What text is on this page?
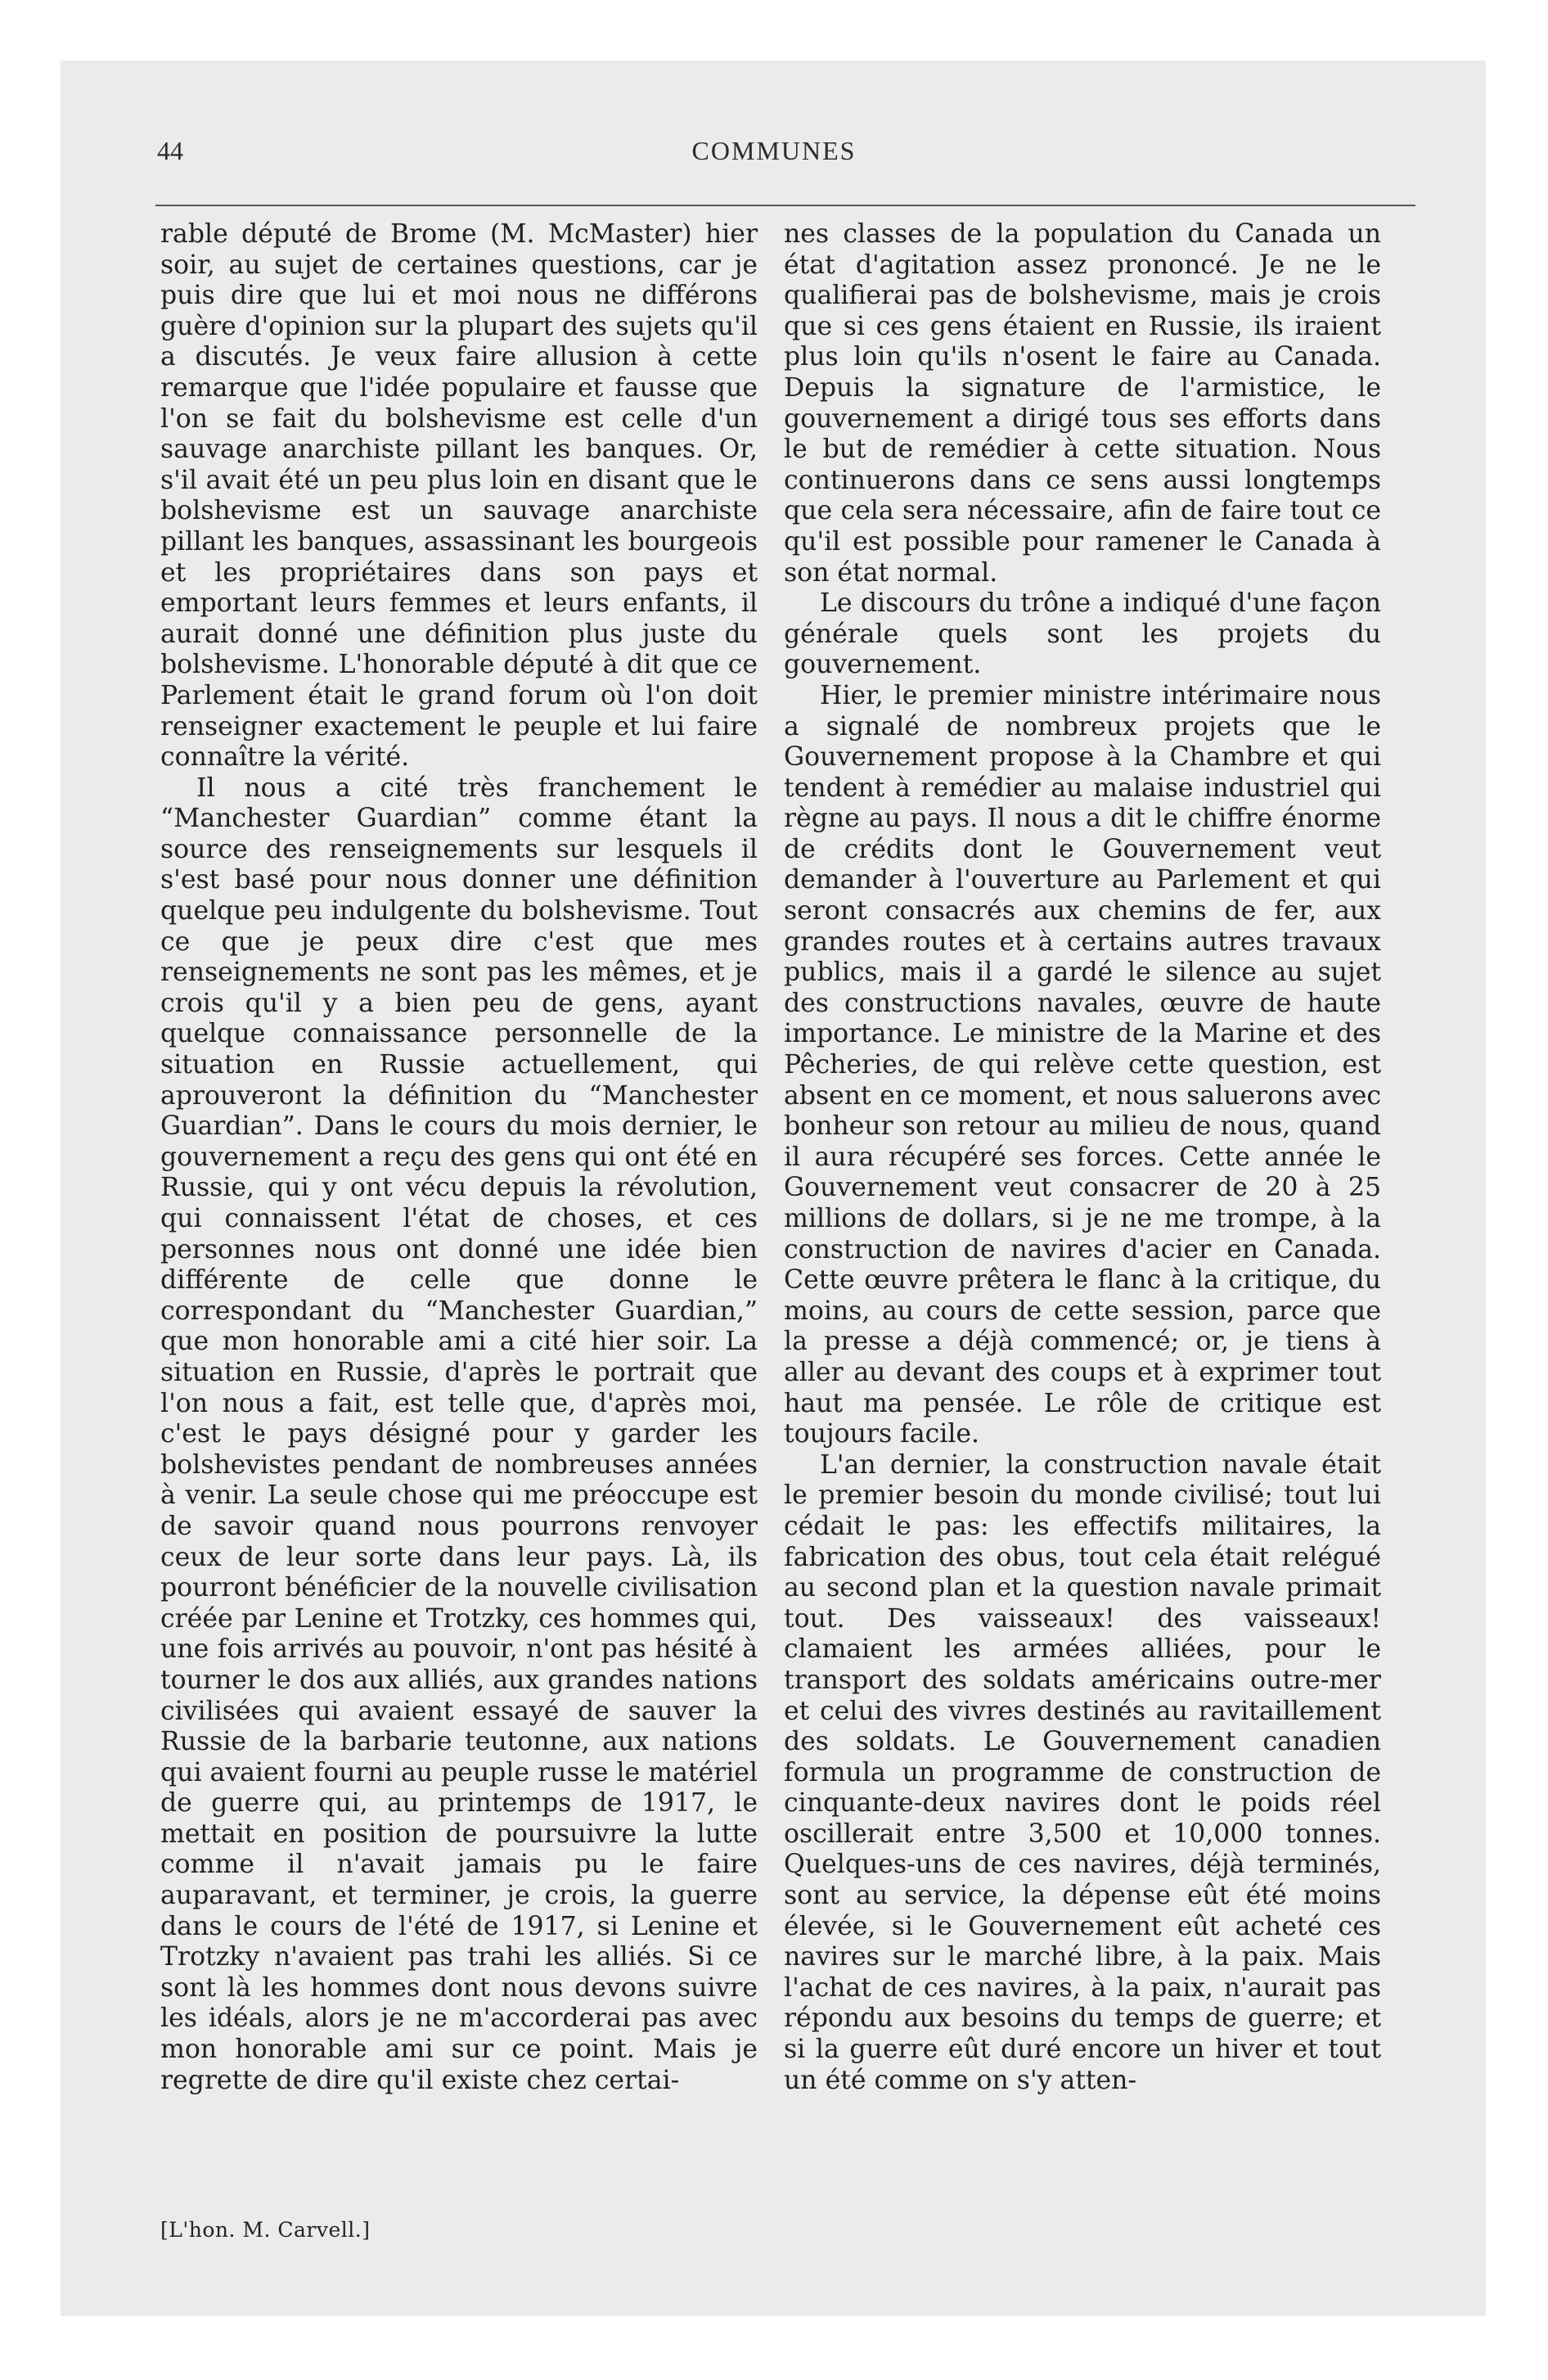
44	COMMUNES

rable député de Brome (M. McMaster) hier soir, au sujet de certaines questions, car je puis dire que lui et moi nous ne différons guère d'opinion sur la plupart des sujets qu'il a discutés. Je veux faire allusion à cette remarque que l'idée populaire et fausse que l'on se fait du bolshevisme est celle d'un sauvage anarchiste pillant les banques. Or, s'il avait été un peu plus loin en disant que le bolshevisme est un sauvage anarchiste pillant les banques, assassinant les bourgeois et les propriétaires dans son pays et emportant leurs femmes et leurs enfants, il aurait donné une définition plus juste du bolshevisme. L'honorable député à dit que ce Parlement était le grand forum où l'on doit renseigner exactement le peuple et lui faire connaître la vérité.

Il nous a cité très franchement le “Manchester Guardian” comme étant la source des renseignements sur lesquels il s'est basé pour nous donner une définition quelque peu indulgente du bolshevisme. Tout ce que je peux dire c'est que mes renseignements ne sont pas les mêmes, et je crois qu'il y a bien peu de gens, ayant quelque connaissance personnelle de la situation en Russie actuellement, qui aprouveront la définition du “Manchester Guardian”. Dans le cours du mois dernier, le gouvernement a reçu des gens qui ont été en Russie, qui y ont vécu depuis la révolution, qui connaissent l'état de choses, et ces personnes nous ont donné une idée bien différente de celle que donne le correspondant du “Manchester Guardian,” que mon honorable ami a cité hier soir. La situation en Russie, d'après le portrait que l'on nous a fait, est telle que, d'après moi, c'est le pays désigné pour y garder les bolshevistes pendant de nombreuses années à venir. La seule chose qui me préoccupe est de savoir quand nous pourrons renvoyer ceux de leur sorte dans leur pays. Là, ils pourront bénéficier de la nouvelle civilisation créée par Lenine et Trotzky, ces hommes qui, une fois arrivés au pouvoir, n'ont pas hésité à tourner le dos aux alliés, aux grandes nations civilisées qui avaient essayé de sauver la Russie de la barbarie teutonne, aux nations qui avaient fourni au peuple russe le matériel de guerre qui, au printemps de 1917, le mettait en position de poursuivre la lutte comme il n'avait jamais pu le faire auparavant, et terminer, je crois, la guerre dans le cours de l'été de 1917, si Lenine et Trotzky n'avaient pas trahi les alliés. Si ce sont là les hommes dont nous devons suivre les idéals, alors je ne m'accorderai pas avec mon honorable ami sur ce point. Mais je regrette de dire qu'il existe chez certai-

nes classes de la population du Canada un état d'agitation assez prononcé. Je ne le qualifierai pas de bolshevisme, mais je crois que si ces gens étaient en Russie, ils iraient plus loin qu'ils n'osent le faire au Canada. Depuis la signature de l'armistice, le gouvernement a dirigé tous ses efforts dans le but de remédier à cette situation. Nous continuerons dans ce sens aussi longtemps que cela sera nécessaire, afin de faire tout ce qu'il est possible pour ramener le Canada à son état normal.

Le discours du trône a indiqué d'une façon générale quels sont les projets du gouvernement.

Hier, le premier ministre intérimaire nous a signalé de nombreux projets que le Gouvernement propose à la Chambre et qui tendent à remédier au malaise industriel qui règne au pays. Il nous a dit le chiffre énorme de crédits dont le Gouvernement veut demander à l'ouverture au Parlement et qui seront consacrés aux chemins de fer, aux grandes routes et à certains autres travaux publics, mais il a gardé le silence au sujet des constructions navales, œuvre de haute importance. Le ministre de la Marine et des Pêcheries, de qui relève cette question, est absent en ce moment, et nous saluerons avec bonheur son retour au milieu de nous, quand il aura récupéré ses forces. Cette année le Gouvernement veut consacrer de 20 à 25 millions de dollars, si je ne me trompe, à la construction de navires d'acier en Canada. Cette œuvre prêtera le flanc à la critique, du moins, au cours de cette session, parce que la presse a déjà commencé; or, je tiens à aller au devant des coups et à exprimer tout haut ma pensée. Le rôle de critique est toujours facile.

L'an dernier, la construction navale était le premier besoin du monde civilisé; tout lui cédait le pas: les effectifs militaires, la fabrication des obus, tout cela était relégué au second plan et la question navale primait tout. Des vaisseaux! des vaisseaux! clamaient les armées alliées, pour le transport des soldats américains outre-mer et celui des vivres destinés au ravitaillement des soldats. Le Gouvernement canadien formula un programme de construction de cinquante-deux navires dont le poids réel oscillerait entre 3,500 et 10,000 tonnes. Quelques-uns de ces navires, déjà terminés, sont au service, la dépense eût été moins élevée, si le Gouvernement eût acheté ces navires sur le marché libre, à la paix. Mais l'achat de ces navires, à la paix, n'aurait pas répondu aux besoins du temps de guerre; et si la guerre eût duré encore un hiver et tout un été comme on s'y atten-

[L'hon. M. Carvell.]
